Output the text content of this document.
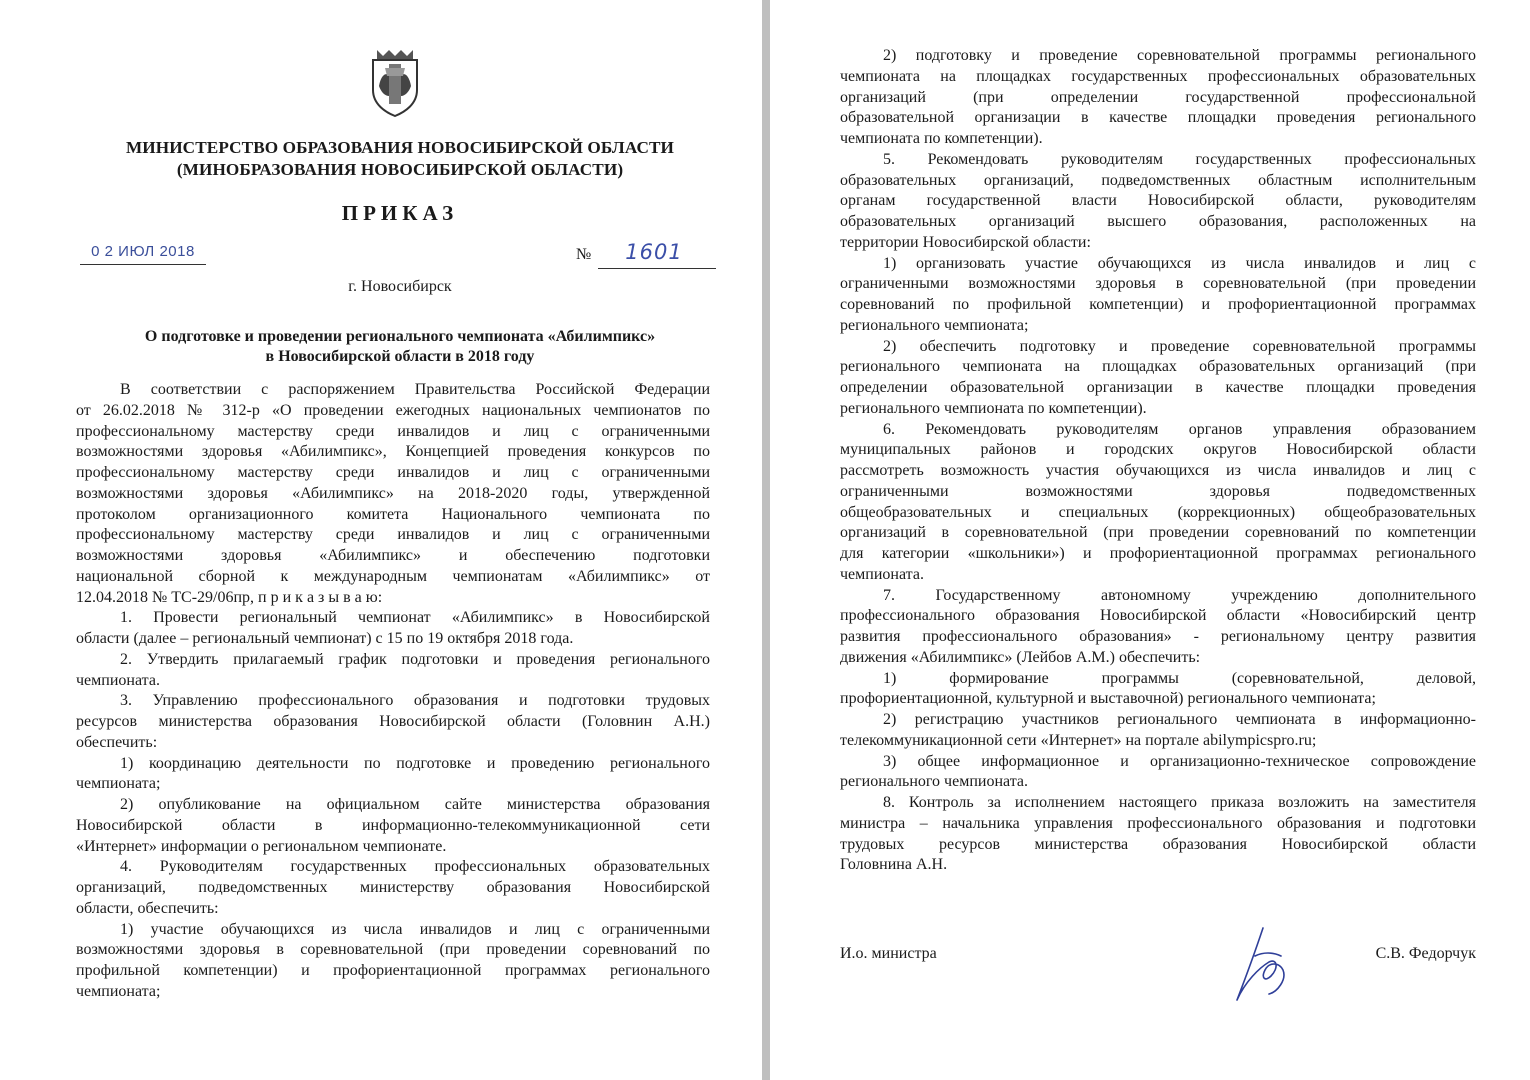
МИНИСТЕРСТВО ОБРАЗОВАНИЯ НОВОСИБИРСКОЙ ОБЛАСТИ
(МИНОБРАЗОВАНИЯ НОВОСИБИРСКОЙ ОБЛАСТИ)
ПРИКАЗ
0 2 ИЮЛ 2018	№	1601
г. Новосибирск
О подготовке и проведении регионального чемпионата «Абилимпикс»
в Новосибирской области в 2018 году
В соответствии с распоряжением Правительства Российской Федерации
от 26.02.2018 № 312-р «О проведении ежегодных национальных чемпионатов по
профессиональному мастерству среди инвалидов и лиц с ограниченными
возможностями здоровья «Абилимпикс», Концепцией проведения конкурсов по
профессиональному мастерству среди инвалидов и лиц с ограниченными
возможностями здоровья «Абилимпикс» на 2018-2020 годы, утвержденной
протоколом организационного комитета Национального чемпионата по
профессиональному мастерству среди инвалидов и лиц с ограниченными
возможностями здоровья «Абилимпикс» и обеспечению подготовки
национальной сборной к международным чемпионатам «Абилимпикс» от
12.04.2018 № ТС-29/06пр, п р и к а з ы в а ю:
1. Провести региональный чемпионат «Абилимпикс» в Новосибирской
области (далее – региональный чемпионат) с 15 по 19 октября 2018 года.
2. Утвердить прилагаемый график подготовки и проведения регионального
чемпионата.
3. Управлению профессионального образования и подготовки трудовых
ресурсов министерства образования Новосибирской области (Головнин А.Н.)
обеспечить:
1) координацию деятельности по подготовке и проведению регионального
чемпионата;
2) опубликование на официальном сайте министерства образования
Новосибирской области в информационно-телекоммуникационной сети
«Интернет» информации о региональном чемпионате.
4. Руководителям государственных профессиональных образовательных
организаций, подведомственных министерству образования Новосибирской
области, обеспечить:
1) участие обучающихся из числа инвалидов и лиц с ограниченными
возможностями здоровья в соревновательной (при проведении соревнований по
профильной компетенции) и профориентационной программах регионального
чемпионата;
2) подготовку и проведение соревновательной программы регионального
чемпионата на площадках государственных профессиональных образовательных
организаций (при определении государственной профессиональной
образовательной организации в качестве площадки проведения регионального
чемпионата по компетенции).
5. Рекомендовать руководителям государственных профессиональных
образовательных организаций, подведомственных областным исполнительным
органам государственной власти Новосибирской области, руководителям
образовательных организаций высшего образования, расположенных на
территории Новосибирской области:
1) организовать участие обучающихся из числа инвалидов и лиц с
ограниченными возможностями здоровья в соревновательной (при проведении
соревнований по профильной компетенции) и профориентационной программах
регионального чемпионата;
2) обеспечить подготовку и проведение соревновательной программы
регионального чемпионата на площадках образовательных организаций (при
определении образовательной организации в качестве площадки проведения
регионального чемпионата по компетенции).
6. Рекомендовать руководителям органов управления образованием
муниципальных районов и городских округов Новосибирской области
рассмотреть возможность участия обучающихся из числа инвалидов и лиц с
ограниченными возможностями здоровья подведомственных
общеобразовательных и специальных (коррекционных) общеобразовательных
организаций в соревновательной (при проведении соревнований по компетенции
для категории «школьники») и профориентационной программах регионального
чемпионата.
7. Государственному автономному учреждению дополнительного
профессионального образования Новосибирской области «Новосибирский центр
развития профессионального образования» - региональному центру развития
движения «Абилимпикс» (Лейбов А.М.) обеспечить:
1) формирование программы (соревновательной, деловой,
профориентационной, культурной и выставочной) регионального чемпионата;
2) регистрацию участников регионального чемпионата в информационно-
телекоммуникационной сети «Интернет» на портале abilympicspro.ru;
3) общее информационное и организационно-техническое сопровождение
регионального чемпионата.
8. Контроль за исполнением настоящего приказа возложить на заместителя
министра – начальника управления профессионального образования и подготовки
трудовых ресурсов министерства образования Новосибирской области
Головнина А.Н.
И.о. министра	С.В. Федорчук
